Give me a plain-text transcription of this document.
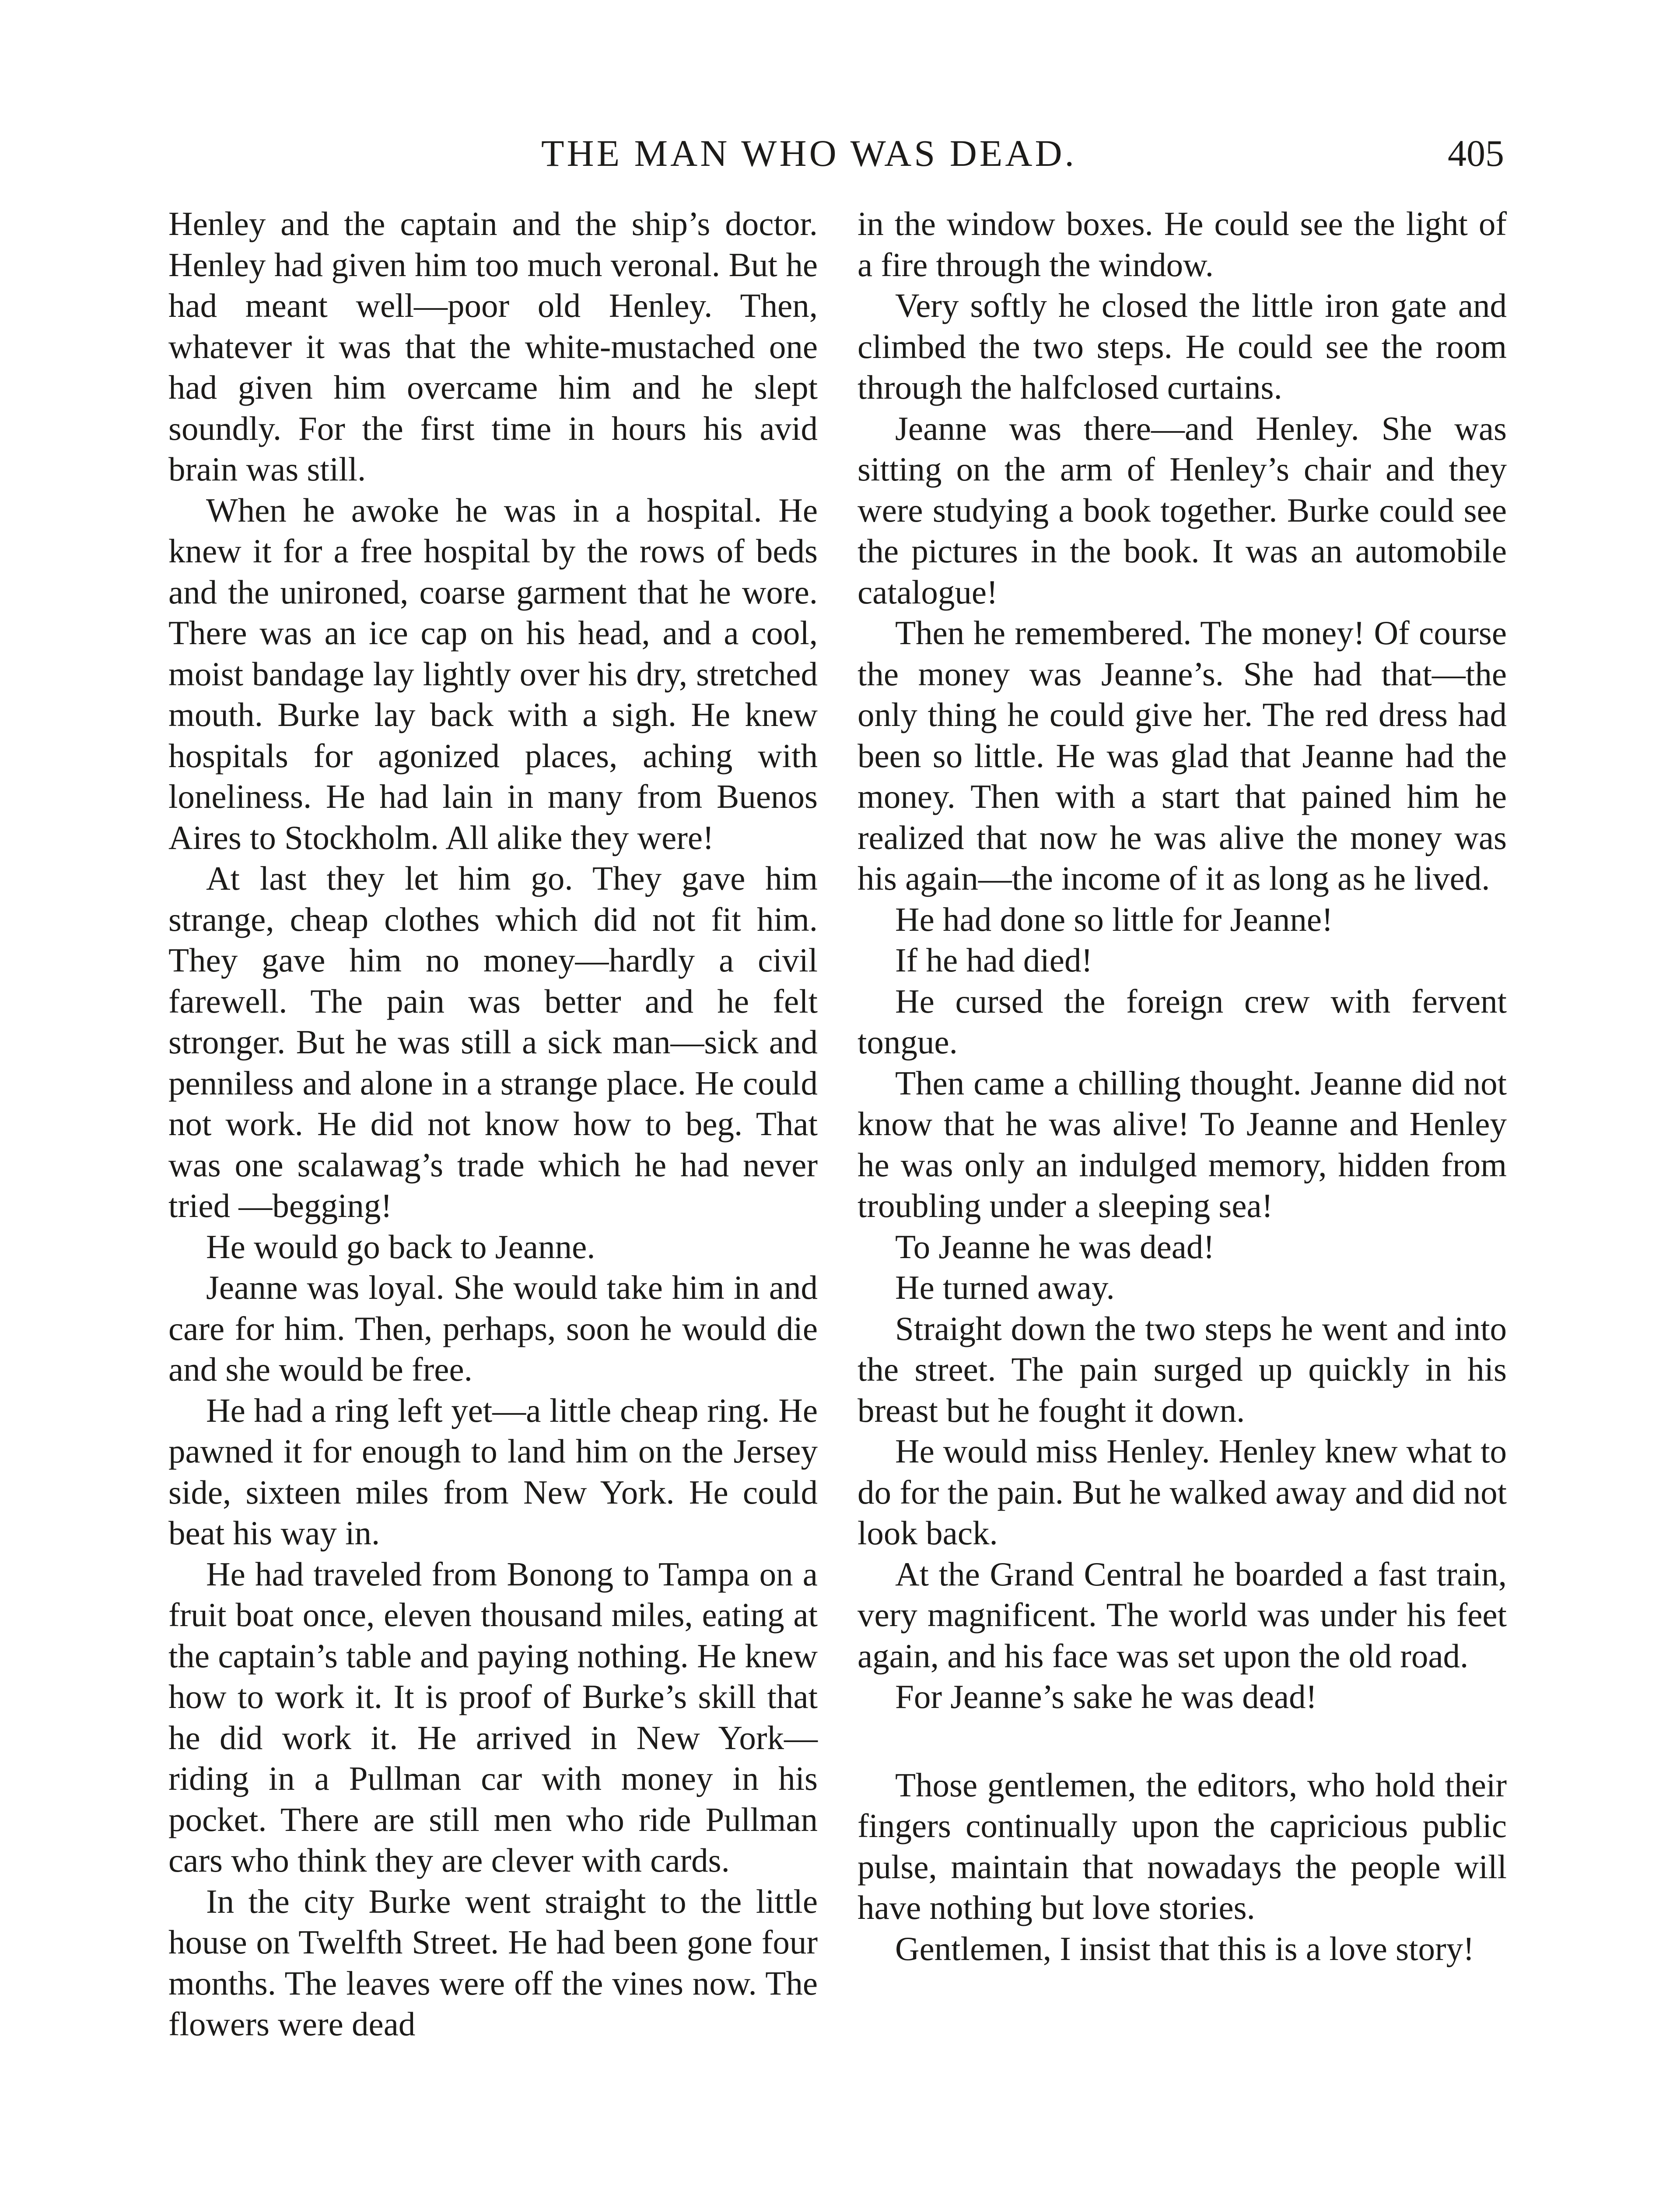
THE MAN WHO WAS DEAD.	405

Henley and the captain and the ship’s doctor. Henley had given him too much veronal. But he had meant well—poor old Henley. Then, whatever it was that the white-mustached one had given him overcame him and he slept soundly. For the first time in hours his avid brain was still.

When he awoke he was in a hospital. He knew it for a free hospital by the rows of beds and the unironed, coarse garment that he wore. There was an ice cap on his head, and a cool, moist bandage lay lightly over his dry, stretched mouth. Burke lay back with a sigh. He knew hospitals for agonized places, aching with loneliness. He had lain in many from Buenos Aires to Stockholm. All alike they were!

At last they let him go. They gave him strange, cheap clothes which did not fit him. They gave him no money—hardly a civil farewell. The pain was better and he felt stronger. But he was still a sick man—sick and penniless and alone in a strange place. He could not work. He did not know how to beg. That was one scalawag’s trade which he had never tried —begging!

He would go back to Jeanne.

Jeanne was loyal. She would take him in and care for him. Then, perhaps, soon he would die and she would be free.

He had a ring left yet—a little cheap ring. He pawned it for enough to land him on the Jersey side, sixteen miles from New York. He could beat his way in.

He had traveled from Bonong to Tampa on a fruit boat once, eleven thousand miles, eating at the captain’s table and paying nothing. He knew how to work it. It is proof of Burke’s skill that he did work it. He arrived in New York— riding in a Pullman car with money in his pocket. There are still men who ride Pullman cars who think they are clever with cards.

In the city Burke went straight to the little house on Twelfth Street. He had been gone four months. The leaves were off the vines now. The flowers were dead

in the window boxes. He could see the light of a fire through the window.

Very softly he closed the little iron gate and climbed the two steps. He could see the room through the halfclosed curtains.

Jeanne was there—and Henley. She was sitting on the arm of Henley’s chair and they were studying a book together. Burke could see the pictures in the book. It was an automobile catalogue!

Then he remembered. The money! Of course the money was Jeanne’s. She had that—the only thing he could give her. The red dress had been so little. He was glad that Jeanne had the money. Then with a start that pained him he realized that now he was alive the money was his again—the income of it as long as he lived.

He had done so little for Jeanne!

If he had died!

He cursed the foreign crew with fervent tongue.

Then came a chilling thought. Jeanne did not know that he was alive! To Jeanne and Henley he was only an indulged memory, hidden from troubling under a sleeping sea!

To Jeanne he was dead!

He turned away.

Straight down the two steps he went and into the street. The pain surged up quickly in his breast but he fought it down.

He would miss Henley. Henley knew what to do for the pain. But he walked away and did not look back.

At the Grand Central he boarded a fast train, very magnificent. The world was under his feet again, and his face was set upon the old road.

For Jeanne’s sake he was dead!

Those gentlemen, the editors, who hold their fingers continually upon the capricious public pulse, maintain that nowadays the people will have nothing but love stories.

Gentlemen, I insist that this is a love story!
